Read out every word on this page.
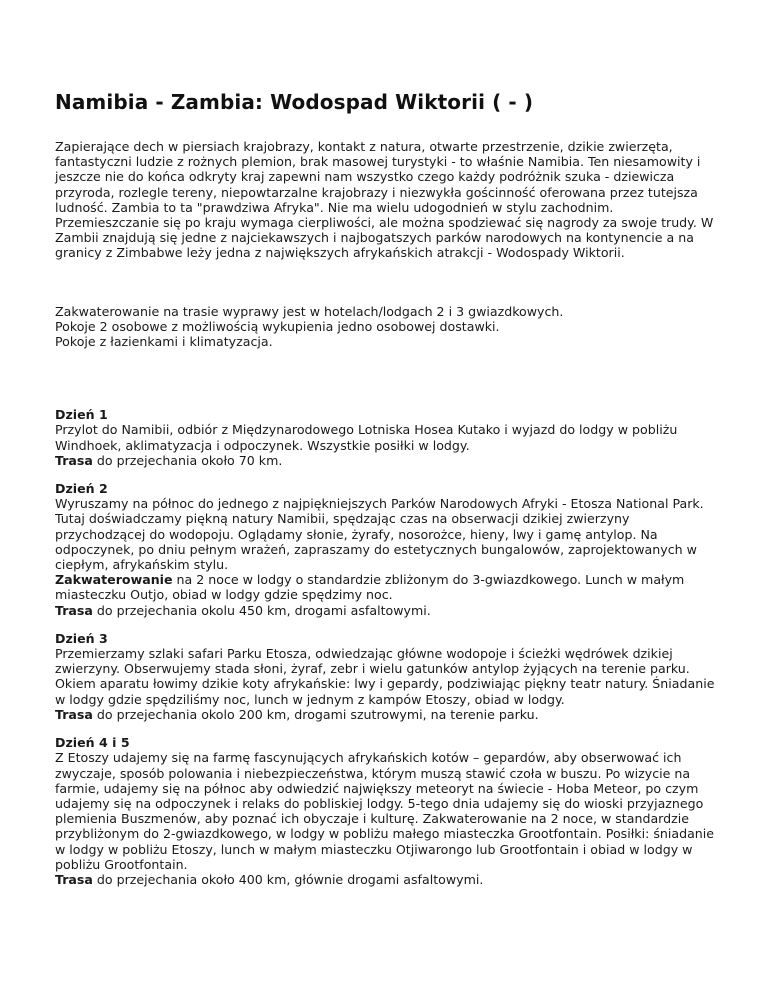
Namibia - Zambia: Wodospad Wiktorii ( - )
Zapierające dech w piersiach krajobrazy, kontakt z natura, otwarte przestrzenie, dzikie zwierzęta, fantastyczni ludzie z rożnych plemion, brak masowej turystyki - to właśnie Namibia. Ten niesamowity i jeszcze nie do końca odkryty kraj zapewni nam wszystko czego każdy podróżnik szuka - dziewicza przyroda, rozlegle tereny, niepowtarzalne krajobrazy i niezwykła gościnność oferowana przez tutejsza ludność. Zambia to ta "prawdziwa Afryka". Nie ma wielu udogodnień w stylu zachodnim. Przemieszczanie się po kraju wymaga cierpliwości, ale można spodziewać się nagrody za swoje trudy. W Zambii znajdują się jedne z najciekawszych i najbogatszych parków narodowych na kontynencie a na granicy z Zimbabwe leży jedna z największych afrykańskich atrakcji - Wodospady Wiktorii.
Zakwaterowanie na trasie wyprawy jest w hotelach/lodgach 2 i 3 gwiazdkowych.
Pokoje 2 osobowe z możliwością wykupienia jedno osobowej dostawki.
Pokoje z łazienkami i klimatyzacja.
Dzień 1
Przylot do Namibii, odbiór z Międzynarodowego Lotniska Hosea Kutako i wyjazd do lodgy w pobliżu Windhoek, aklimatyzacja i odpoczynek. Wszystkie posiłki w lodgy.
Trasa do przejechania około 70 km.
Dzień 2
Wyruszamy na północ do jednego z najpiękniejszych Parków Narodowych Afryki - Etosza National Park. Tutaj doświadczamy piękną natury Namibii, spędzając czas na obserwacji dzikiej zwierzyny przychodzącej do wodopoju. Oglądamy słonie, żyrafy, nosorożce, hieny, lwy i gamę antylop. Na odpoczynek, po dniu pełnym wrażeń, zapraszamy do estetycznych bungalowów, zaprojektowanych w ciepłym, afrykańskim stylu.
Zakwaterowanie na 2 noce w lodgy o standardzie zbliżonym do 3-gwiazdkowego. Lunch w małym miasteczku Outjo, obiad w lodgy gdzie spędzimy noc.
Trasa do przejechania okolu 450 km, drogami asfaltowymi.
Dzień 3
Przemierzamy szlaki safari Parku Etosza, odwiedzając główne wodopoje i ścieżki wędrówek dzikiej zwierzyny. Obserwujemy stada słoni, żyraf, zebr i wielu gatunków antylop żyjących na terenie parku. Okiem aparatu łowimy dzikie koty afrykańskie: lwy i gepardy, podziwiając piękny teatr natury. Śniadanie w lodgy gdzie spędziliśmy noc, lunch w jednym z kampów Etoszy, obiad w lodgy.
Trasa do przejechania okolo 200 km, drogami szutrowymi, na terenie parku.
Dzień 4 i 5
Z Etoszy udajemy się na farmę fascynujących afrykańskich kotów – gepardów, aby obserwować ich zwyczaje, sposób polowania i niebezpieczeństwa, którym muszą stawić czoła w buszu. Po wizycie na farmie, udajemy się na północ aby odwiedzić największy meteoryt na świecie - Hoba Meteor, po czym udajemy się na odpoczynek i relaks do pobliskiej lodgy. 5-tego dnia udajemy się do wioski przyjaznego plemienia Buszmenów, aby poznać ich obyczaje i kulturę. Zakwaterowanie na 2 noce, w standardzie przybliżonym do 2-gwiazdkowego, w lodgy w pobliżu małego miasteczka Grootfontain. Posiłki: śniadanie w lodgy w pobliżu Etoszy, lunch w małym miasteczku Otjiwarongo lub Grootfontain i obiad w lodgy w pobliżu Grootfontain.
Trasa do przejechania około 400 km, głównie drogami asfaltowymi.
